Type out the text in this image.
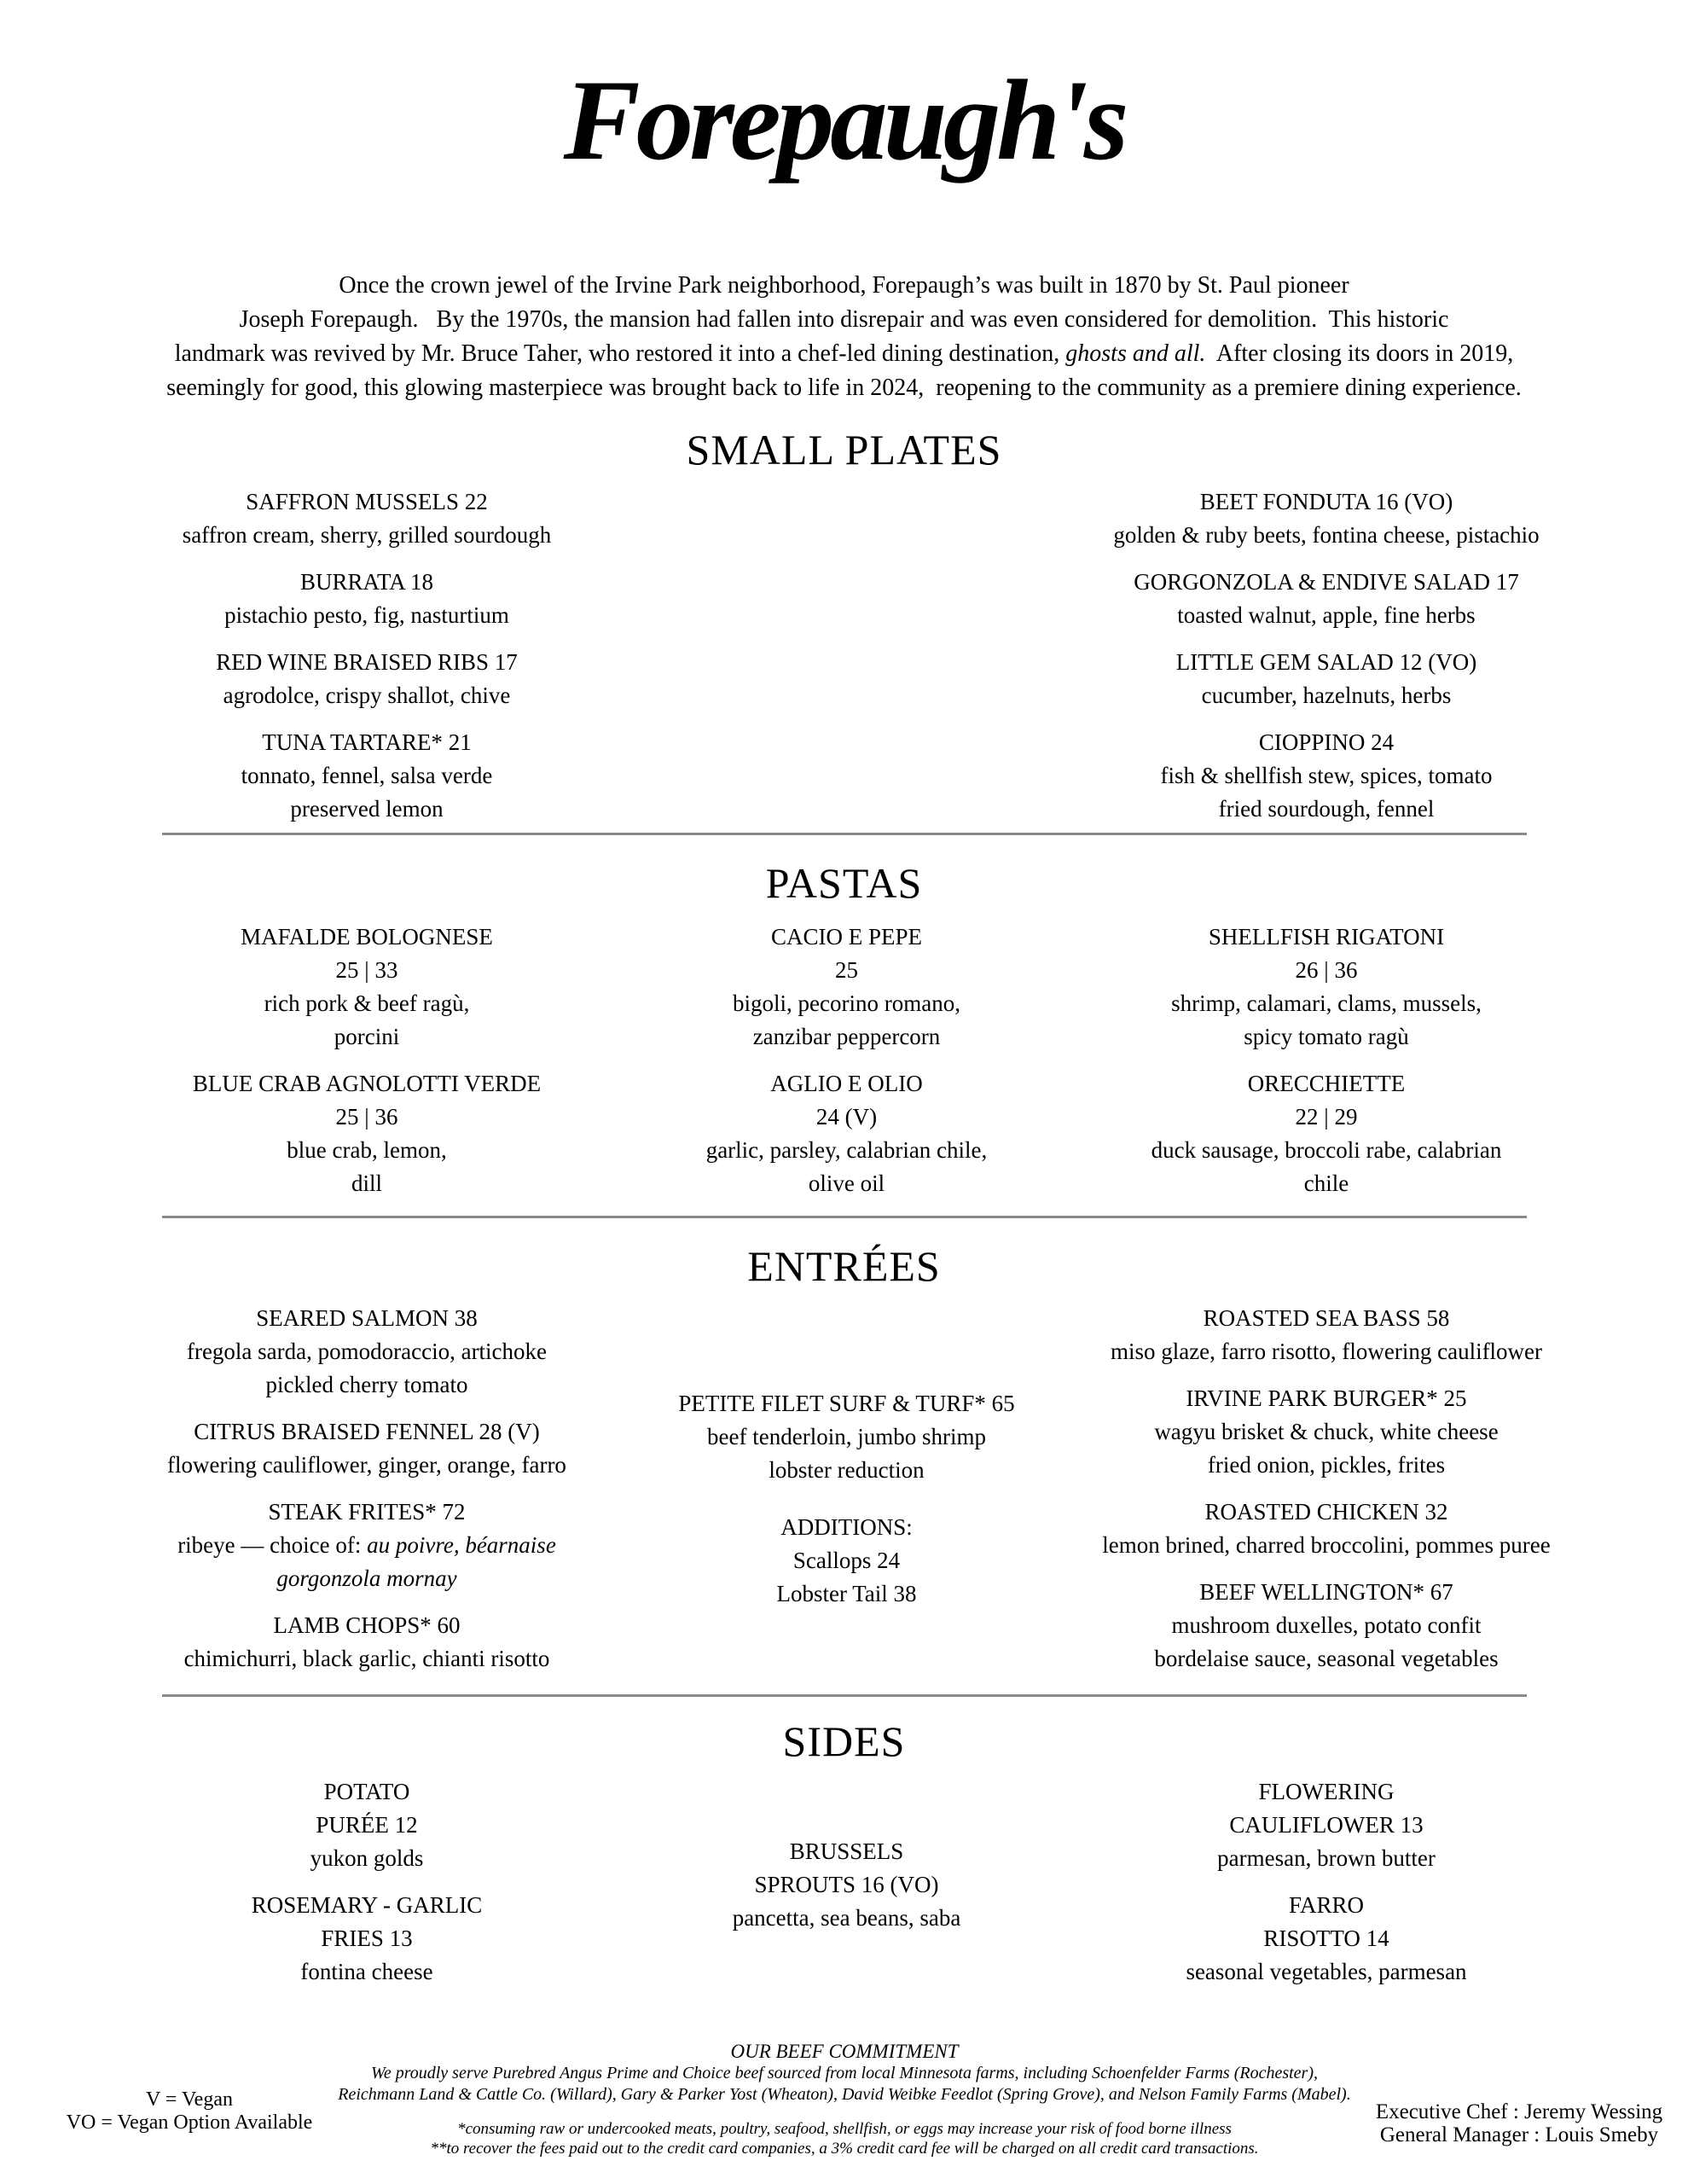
Forepaugh's
Once the crown jewel of the Irvine Park neighborhood, Forepaugh’s was built in 1870 by St. Paul pioneer
Joseph Forepaugh.   By the 1970s, the mansion had fallen into disrepair and was even considered for demolition.  This historic
landmark was revived by Mr. Bruce Taher, who restored it into a chef-led dining destination, ghosts and all.  After closing its doors in 2019,
seemingly for good, this glowing masterpiece was brought back to life in 2024,  reopening to the community as a premiere dining experience.
SMALL PLATES
SAFFRON MUSSELS 22
saffron cream, sherry, grilled sourdough
BURRATA 18
pistachio pesto, fig, nasturtium
RED WINE BRAISED RIBS 17
agrodolce, crispy shallot, chive
TUNA TARTARE* 21
tonnato, fennel, salsa verde
preserved lemon
BEET FONDUTA 16 (VO)
golden & ruby beets, fontina cheese, pistachio
GORGONZOLA & ENDIVE SALAD 17
toasted walnut, apple, fine herbs
LITTLE GEM SALAD 12 (VO)
cucumber, hazelnuts, herbs
CIOPPINO 24
fish & shellfish stew, spices, tomato
fried sourdough, fennel
PASTAS
MAFALDE BOLOGNESE
25 | 33
rich pork & beef ragù,
porcini
BLUE CRAB AGNOLOTTI VERDE
25 | 36
blue crab, lemon,
dill
CACIO E PEPE
25
bigoli, pecorino romano,
zanzibar peppercorn
AGLIO E OLIO
24 (V)
garlic, parsley, calabrian chile,
olive oil
SHELLFISH RIGATONI
26 | 36
shrimp, calamari, clams, mussels,
spicy tomato ragù
ORECCHIETTE
22 | 29
duck sausage, broccoli rabe, calabrian
chile
ENTRÉES
SEARED SALMON 38
fregola sarda, pomodoraccio, artichoke
pickled cherry tomato
CITRUS BRAISED FENNEL 28 (V)
flowering cauliflower, ginger, orange, farro
STEAK FRITES* 72
ribeye — choice of: au poivre, béarnaise
gorgonzola mornay
LAMB CHOPS* 60
chimichurri, black garlic, chianti risotto
PETITE FILET SURF & TURF* 65
beef tenderloin, jumbo shrimp
lobster reduction
ADDITIONS:
Scallops 24
Lobster Tail 38
ROASTED SEA BASS 58
miso glaze, farro risotto, flowering cauliflower
IRVINE PARK BURGER* 25
wagyu brisket & chuck, white cheese
fried onion, pickles, frites
ROASTED CHICKEN 32
lemon brined, charred broccolini, pommes puree
BEEF WELLINGTON* 67
mushroom duxelles, potato confit
bordelaise sauce, seasonal vegetables
SIDES
POTATO
PURÉE 12
yukon golds
ROSEMARY - GARLIC
FRIES 13
fontina cheese
BRUSSELS
SPROUTS 16 (VO)
pancetta, sea beans, saba
FLOWERING
CAULIFLOWER 13
parmesan, brown butter
FARRO
RISOTTO 14
seasonal vegetables, parmesan
OUR BEEF COMMITMENT
We proudly serve Purebred Angus Prime and Choice beef sourced from local Minnesota farms, including Schoenfelder Farms (Rochester),
Reichmann Land & Cattle Co. (Willard), Gary & Parker Yost (Wheaton), David Weibke Feedlot (Spring Grove), and Nelson Family Farms (Mabel).
*consuming raw or undercooked meats, poultry, seafood, shellfish, or eggs may increase your risk of food borne illness
**to recover the fees paid out to the credit card companies, a 3% credit card fee will be charged on all credit card transactions.
V = Vegan
VO = Vegan Option Available	Executive Chef : Jeremy Wessing
General Manager : Louis Smeby
